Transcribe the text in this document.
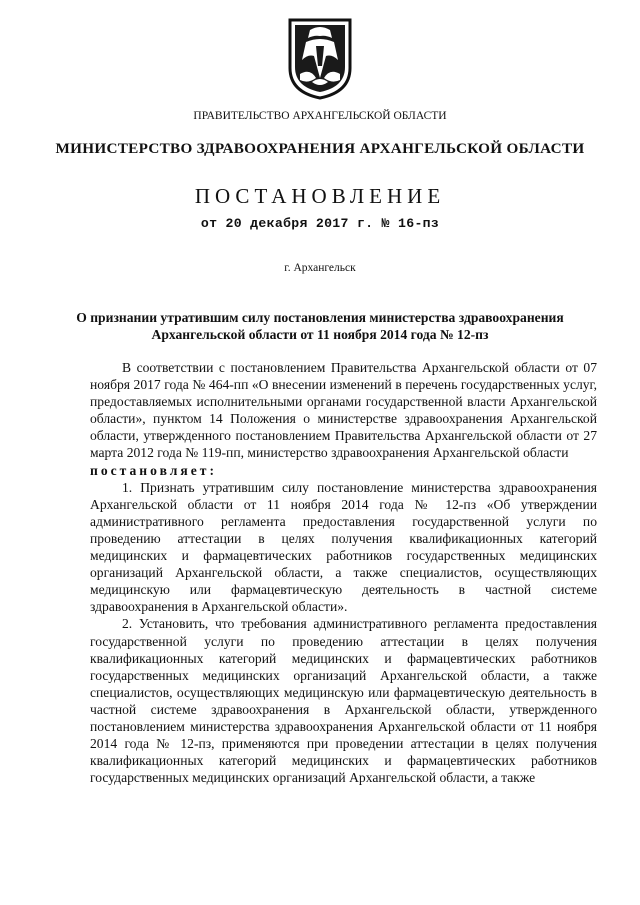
ПРАВИТЕЛЬСТВО АРХАНГЕЛЬСКОЙ ОБЛАСТИ
МИНИСТЕРСТВО ЗДРАВООХРАНЕНИЯ АРХАНГЕЛЬСКОЙ ОБЛАСТИ
ПОСТАНОВЛЕНИЕ
от 20 декабря 2017 г. № 16-пз
г. Архангельск
О признании утратившим силу постановления министерства здравоохранения Архангельской области от 11 ноября 2014 года № 12-пз

В соответствии с постановлением Правительства Архангельской области от 07 ноября 2017 года № 464-пп «О внесении изменений в перечень государственных услуг, предоставляемых исполнительными органами государственной власти Архангельской области», пунктом 14 Положения о министерстве здравоохранения Архангельской области, утвержденного постановлением Правительства Архангельской области от 27 марта 2012 года № 119-пп, министерство здравоохранения Архангельской области

постановляет:

1. Признать утратившим силу постановление министерства здравоохранения Архангельской области от 11 ноября 2014 года № 12-пз «Об утверждении административного регламента предоставления государственной услуги по проведению аттестации в целях получения квалификационных категорий медицинских и фармацевтических работников государственных медицинских организаций Архангельской области, а также специалистов, осуществляющих медицинскую или фармацевтическую деятельность в частной системе здравоохранения в Архангельской области».

2. Установить, что требования административного регламента предоставления государственной услуги по проведению аттестации в целях получения квалификационных категорий медицинских и фармацевтических работников государственных медицинских организаций Архангельской области, а также специалистов, осуществляющих медицинскую или фармацевтическую деятельность в частной системе здравоохранения в Архангельской области, утвержденного постановлением министерства здравоохранения Архангельской области от 11 ноября 2014 года № 12-пз, применяются при проведении аттестации в целях получения квалификационных категорий медицинских и фармацевтических работников государственных медицинских организаций Архангельской области, а также
